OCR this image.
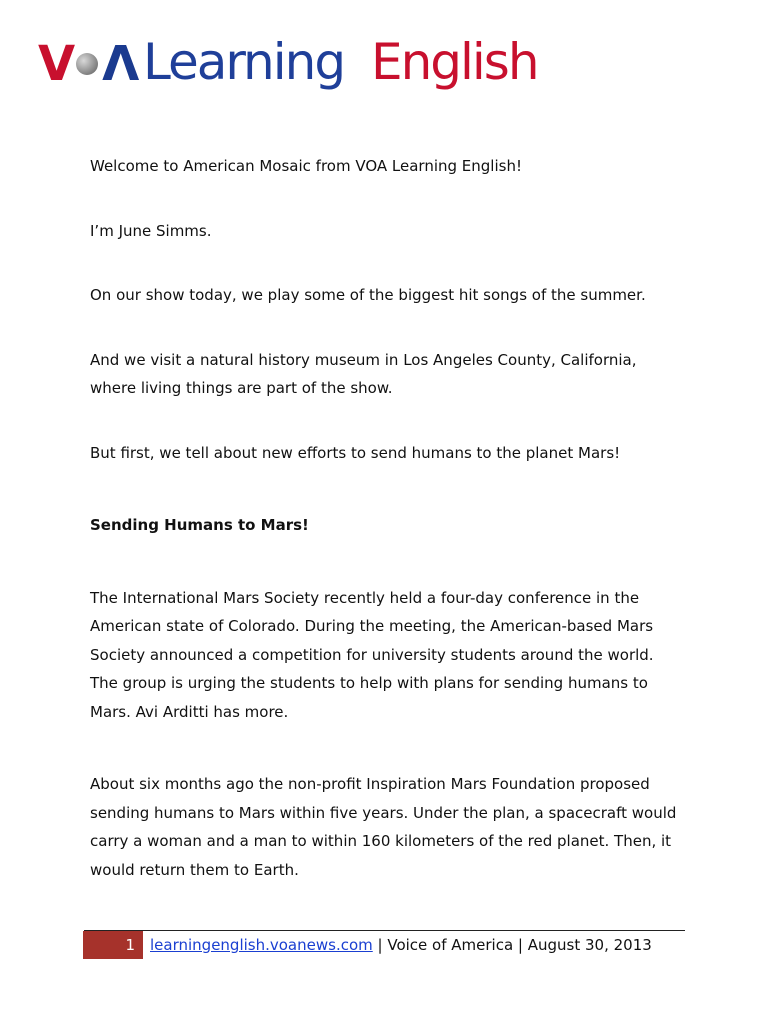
V Λ Learning English

Welcome to American Mosaic from VOA Learning English!

I’m June Simms.

On our show today, we play some of the biggest hit songs of the summer.

And we visit a natural history museum in Los Angeles County, California, where living things are part of the show.

But first, we tell about new efforts to send humans to the planet Mars!

Sending Humans to Mars!

The International Mars Society recently held a four-day conference in the American state of Colorado. During the meeting, the American-based Mars Society announced a competition for university students around the world. The group is urging the students to help with plans for sending humans to Mars. Avi Arditti has more.

About six months ago the non-profit Inspiration Mars Foundation proposed sending humans to Mars within five years. Under the plan, a spacecraft would carry a woman and a man to within 160 kilometers of the red planet. Then, it would return them to Earth.

1	learningenglish.voanews.com | Voice of America | August 30, 2013
